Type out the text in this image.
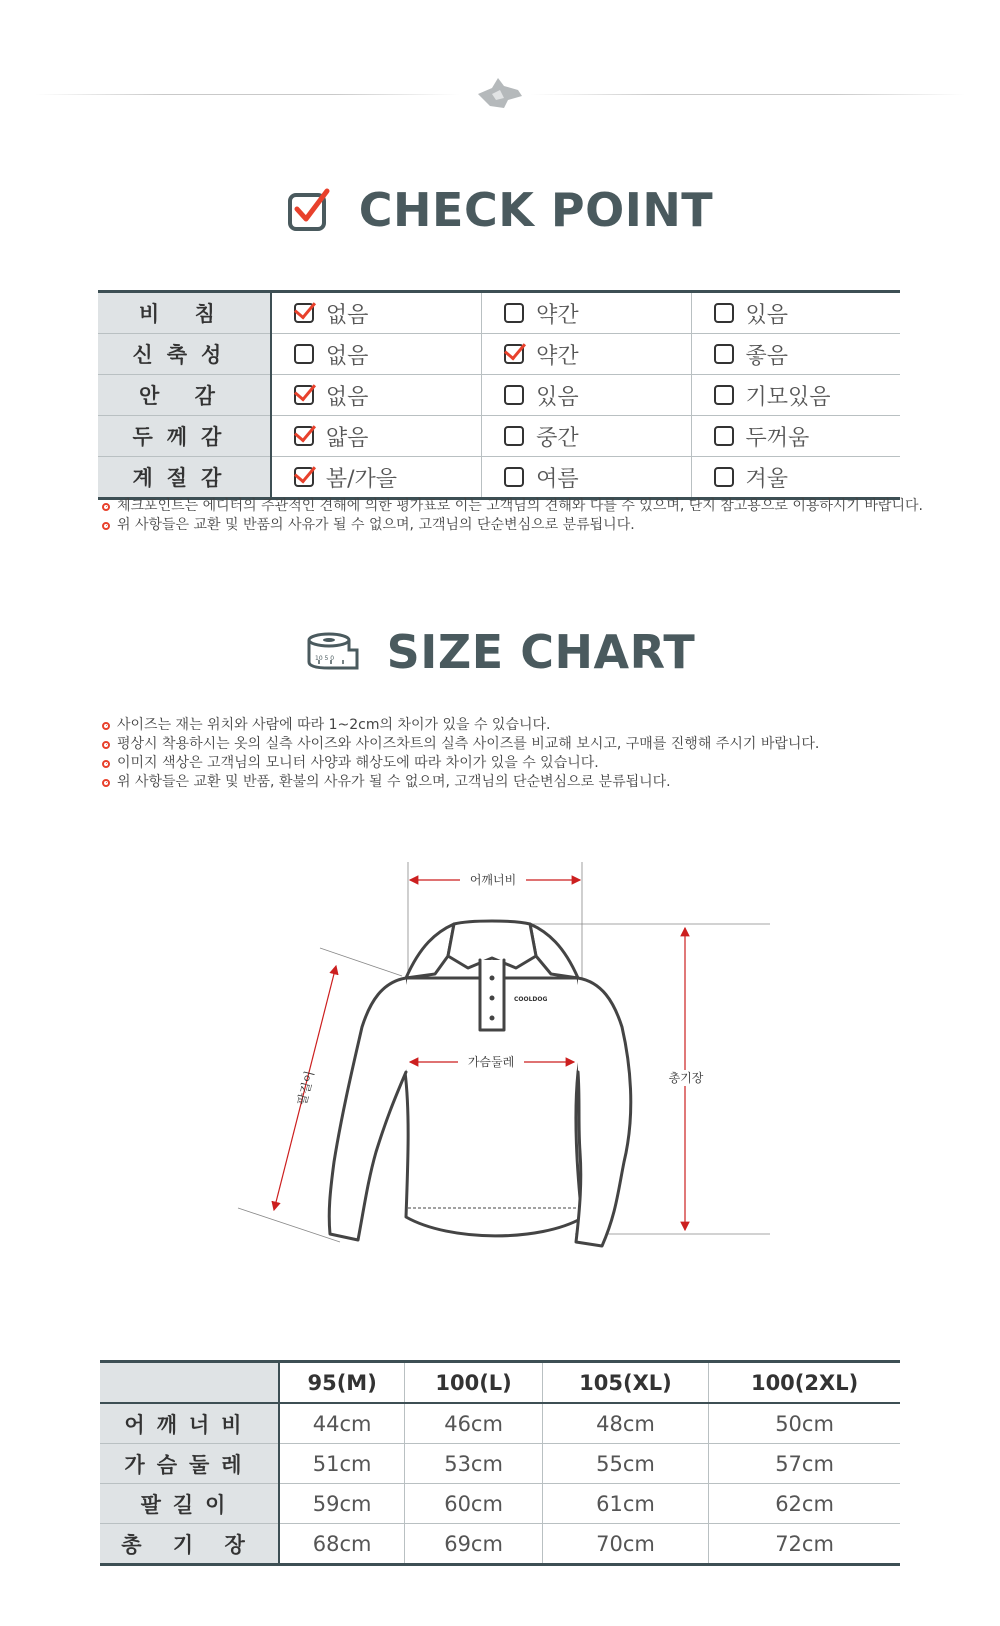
CHECK POINT
비 침	없음	약간	있음

신축성	없음	약간	좋음

안 감	없음	있음	기모있음

두께감	얇음	중간	두꺼움

계절감	봄/가을	여름	겨울
체크포인트는 에디터의 주관적인 견해에 의한 평가표로 이는 고객님의 견해와 다를 수 있으며, 단지 참고용으로 이용하시기 바랍니다.
위 사항들은 교환 및 반품의 사유가 될 수 없으며, 고객님의 단순변심으로 분류됩니다.
10 5 0 SIZE CHART
사이즈는 재는 위치와 사람에 따라 1~2cm의 차이가 있을 수 있습니다.
평상시 착용하시는 옷의 실측 사이즈와 사이즈차트의 실측 사이즈를 비교해 보시고, 구매를 진행해 주시기 바랍니다.
이미지 색상은 고객님의 모니터 사양과 해상도에 따라 차이가 있을 수 있습니다.
위 사항들은 교환 및 반품, 환불의 사유가 될 수 없으며, 고객님의 단순변심으로 분류됩니다.
COOLDOG
어깨너비
가슴둘레
총기장
팔길이
	95(M)	100(L)	105(XL)	100(2XL)
어깨너비	44cm	46cm	48cm	50cm
가슴둘레	51cm	53cm	55cm	57cm
팔길이	59cm	60cm	61cm	62cm
총 기 장	68cm	69cm	70cm	72cm
